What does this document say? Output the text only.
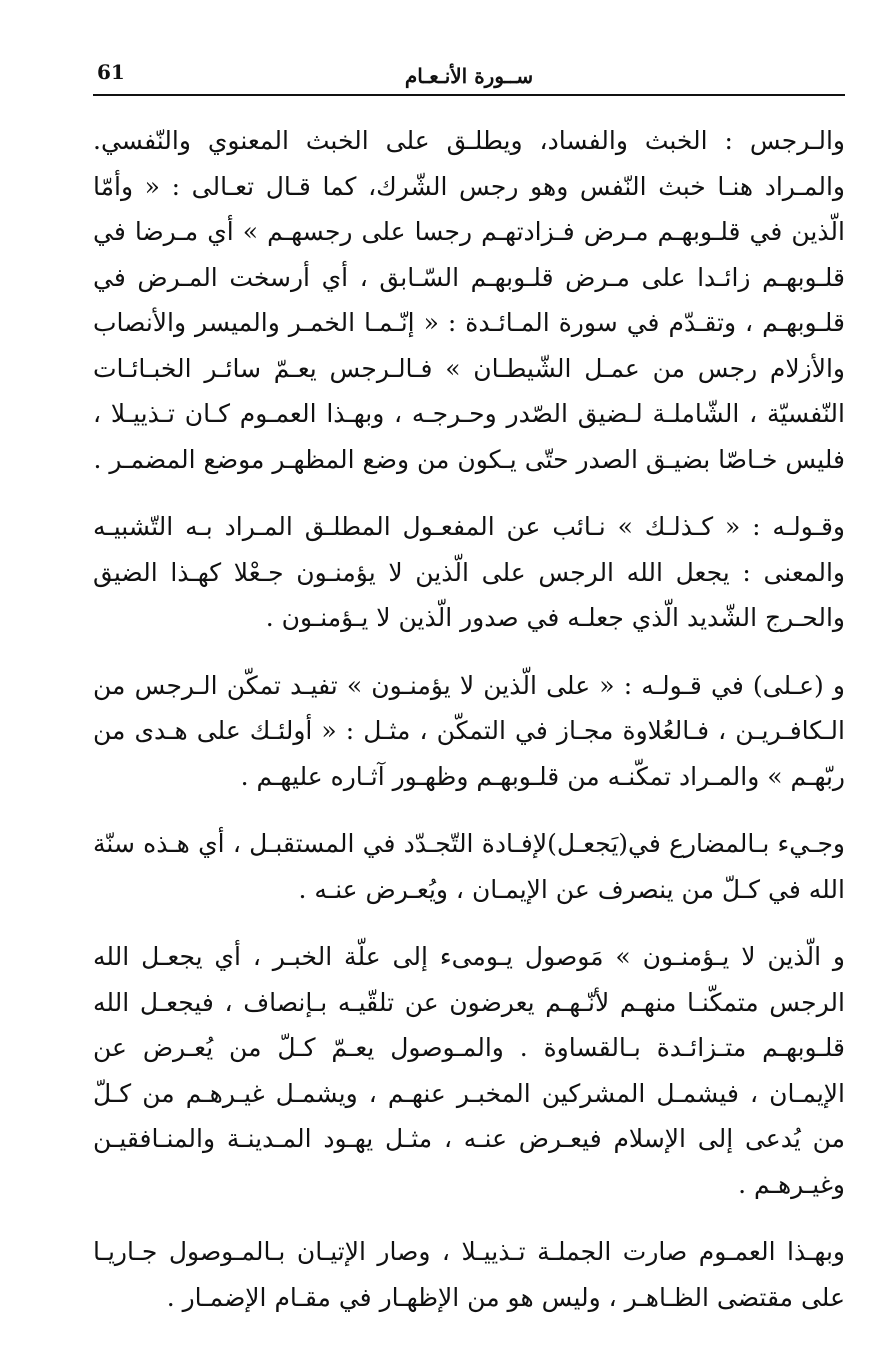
61	ســورة الأنـعـام

والـرجس : الخبث والفساد، ويطلـق على الخبث المعنوي والنّفسي. والمـراد هنـا خبث النّفس وهو رجس الشّرك، كما قـال تعـالى : « وأمّا الّذين في قلـوبهـم مـرض فـزادتهـم رجسا على رجسهـم » أي مـرضا في قلـوبهـم زائـدا على مـرض قلـوبهـم السّـابق ، أي أرسخت المـرض في قلـوبهـم ، وتقـدّم في سورة المـائـدة : « إنّـمـا الخمـر والميسر والأنصاب والأزلام رجس من عمـل الشّيطـان » فـالـرجس يعـمّ سائـر الخبـائـات النّفسيّة ، الشّاملـة لـضيق الصّدر وحـرجـه ، وبهـذا العمـوم كـان تـذييـلا ، فليس خـاصّا بضيـق الصدر حتّى يـكون من وضع المظهـر موضع المضمـر .

وقـولـه : « كـذلـك » نـائب عن المفعـول المطلـق المـراد بـه التّشبيـه والمعنى : يجعل الله الرجس على الّذين لا يؤمنـون جـعْلا كهـذا الضيق والحـرج الشّديد الّذي جعلـه في صدور الّذين لا يـؤمنـون .

و (عـلى) في قـولـه : « على الّذين لا يؤمنـون » تفيـد تمكّن الـرجس من الـكافـريـن ، فـالعُلاوة مجـاز في التمكّن ، مثـل : « أولئـك على هـدى من ربّهـم » والمـراد تمكّنـه من قلـوبهـم وظهـور آثـاره عليهـم .

وجـيء بـالمضارع في(يَجعـل)لإفـادة التّجـدّد في المستقبـل ، أي هـذه سنّة الله في كـلّ من ينصرف عن الإيمـان ، ويُعـرض عنـه .

و الّذين لا يـؤمنـون » مَوصول يـومىء إلى علّة الخبـر ، أي يجعـل الله الرجس متمكّنـا منهـم لأنّـهـم يعرضون عن تلقّيـه بـإنصاف ، فيجعـل الله قلـوبهـم متـزائـدة بـالقساوة . والمـوصول يعـمّ كـلّ من يُعـرض عن الإيمـان ، فيشمـل المشركين المخبـر عنهـم ، ويشمـل غيـرهـم من كـلّ من يُدعى إلى الإسلام فيعـرض عنـه ، مثـل يهـود المـدينـة والمنـافقيـن وغيـرهـم .

وبهـذا العمـوم صارت الجملـة تـذييـلا ، وصار الإتيـان بـالمـوصول جـاريـا على مقتضى الظـاهـر ، وليس هو من الإظهـار في مقـام الإضمـار .
